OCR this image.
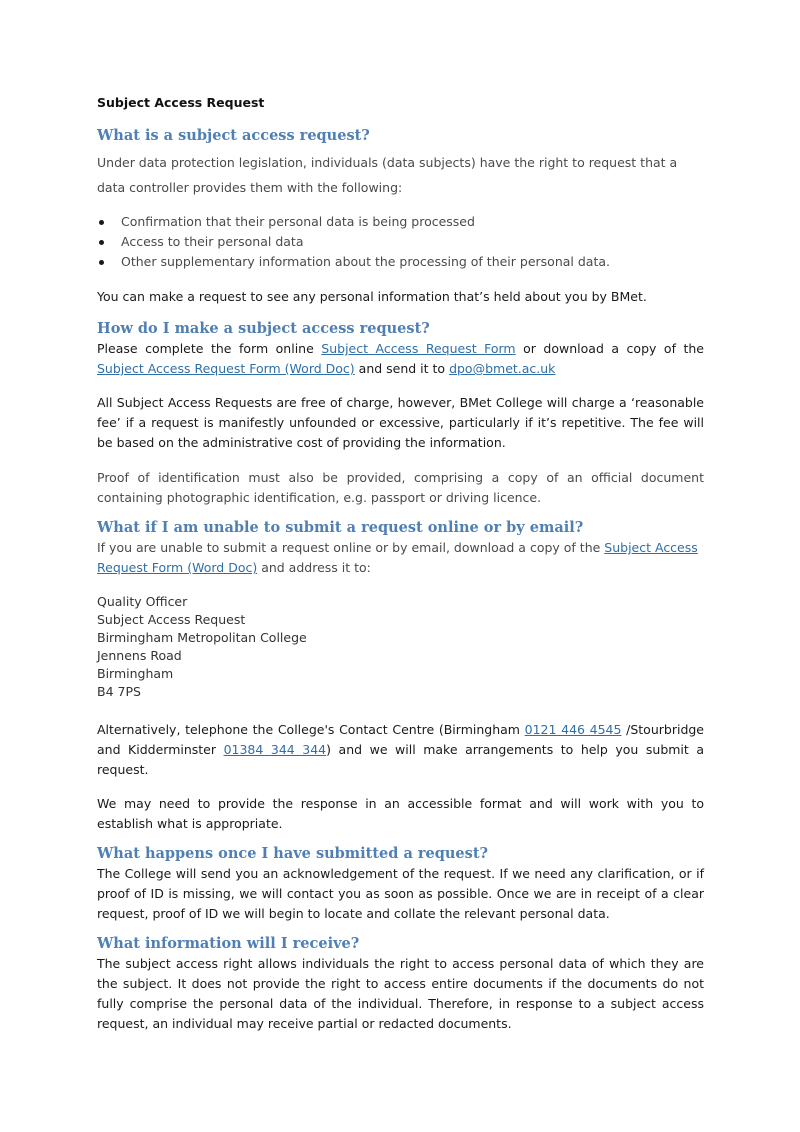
Subject Access Request
What is a subject access request?

Under data protection legislation, individuals (data subjects) have the right to request that a data controller provides them with the following:

Confirmation that their personal data is being processed
Access to their personal data
Other supplementary information about the processing of their personal data.

You can make a request to see any personal information that’s held about you by BMet.

How do I make a subject access request?

Please complete the form online Subject Access Request Form or download a copy of the Subject Access Request Form (Word Doc) and send it to dpo@bmet.ac.uk

All Subject Access Requests are free of charge, however, BMet College will charge a ‘reasonable fee’ if a request is manifestly unfounded or excessive, particularly if it’s repetitive. The fee will be based on the administrative cost of providing the information.

Proof of identification must also be provided, comprising a copy of an official document containing photographic identification, e.g. passport or driving licence.

What if I am unable to submit a request online or by email?

If you are unable to submit a request online or by email, download a copy of the Subject Access Request Form (Word Doc) and address it to:

Quality Officer

Subject Access Request

Birmingham Metropolitan College

Jennens Road

Birmingham

B4 7PS

Alternatively, telephone the College's Contact Centre (Birmingham 0121 446 4545 /Stourbridge and Kidderminster 01384 344 344) and we will make arrangements to help you submit a request.

We may need to provide the response in an accessible format and will work with you to establish what is appropriate.

What happens once I have submitted a request?

The College will send you an acknowledgement of the request. If we need any clarification, or if proof of ID is missing, we will contact you as soon as possible. Once we are in receipt of a clear request, proof of ID we will begin to locate and collate the relevant personal data.

What information will I receive?

The subject access right allows individuals the right to access personal data of which they are the subject. It does not provide the right to access entire documents if the documents do not fully comprise the personal data of the individual. Therefore, in response to a subject access request, an individual may receive partial or redacted documents.
